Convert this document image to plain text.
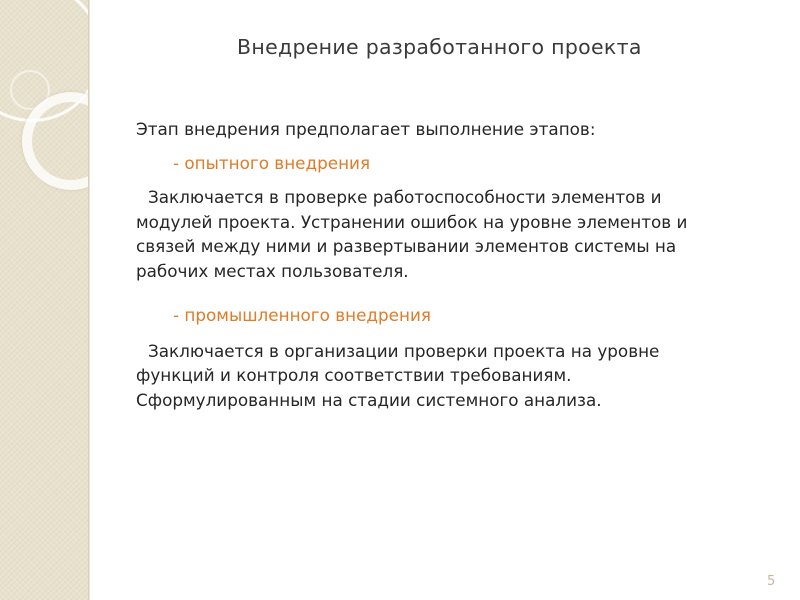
Внедрение разработанного проекта

Этап внедрения предполагает выполнение этапов:

- опытного внедрения

Заключается в проверке работоспособности элементов и модулей проекта. Устранении ошибок на уровне элементов и связей между ними и развертывании элементов системы на рабочих местах пользователя.

- промышленного внедрения

Заключается в организации проверки проекта на уровне функций и контроля соответствии требованиям. Сформулированным на стадии системного анализа.

5
